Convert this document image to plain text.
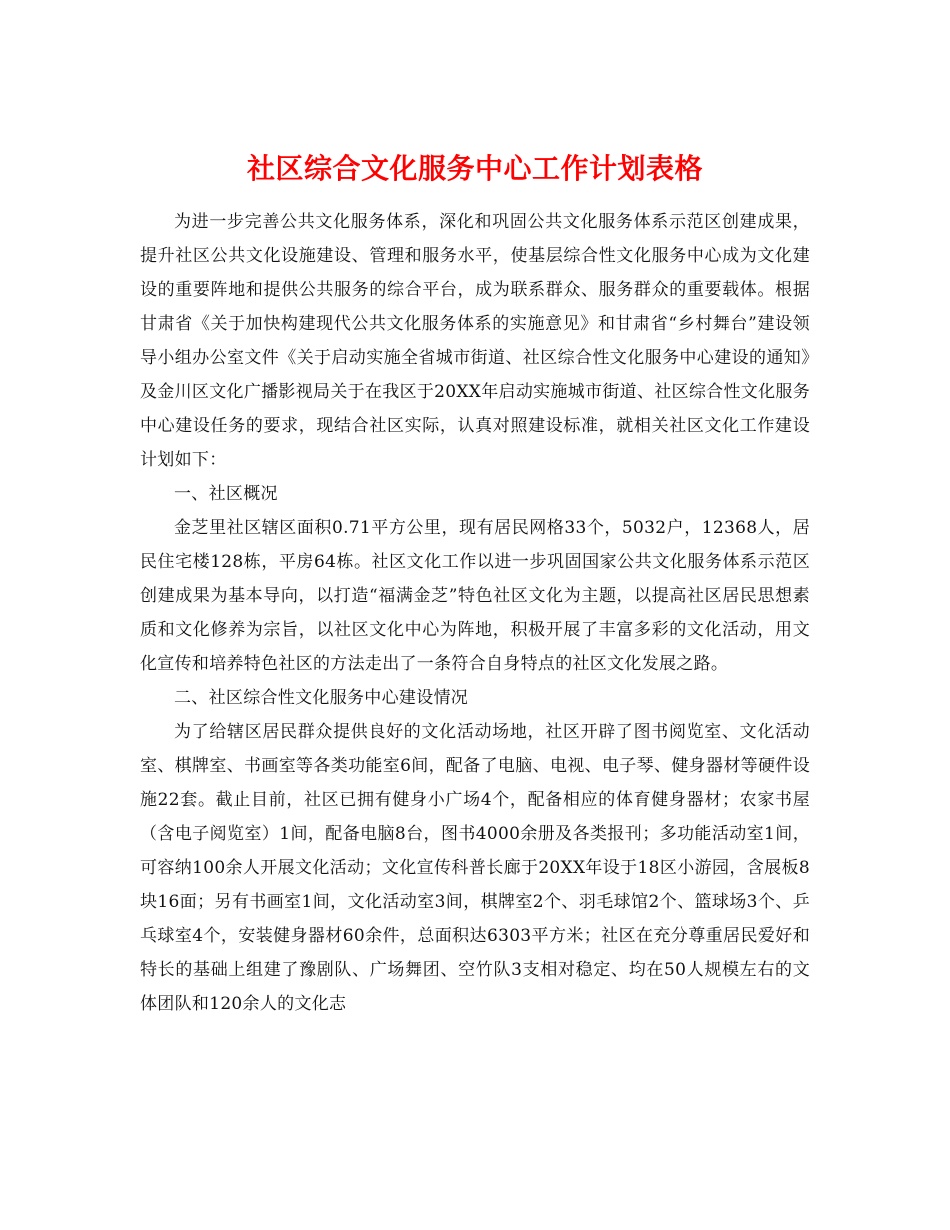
社区综合文化服务中心工作计划表格

为进一步完善公共文化服务体系，深化和巩固公共文化服务体系示范区创建成果，提升社区公共文化设施建设、管理和服务水平，使基层综合性文化服务中心成为文化建设的重要阵地和提供公共服务的综合平台，成为联系群众、服务群众的重要载体。根据甘肃省《关于加快构建现代公共文化服务体系的实施意见》和甘肃省“乡村舞台”建设领导小组办公室文件《关于启动实施全省城市街道、社区综合性文化服务中心建设的通知》及金川区文化广播影视局关于在我区于20XX年启动实施城市街道、社区综合性文化服务中心建设任务的要求，现结合社区实际，认真对照建设标准，就相关社区文化工作建设计划如下：

一、社区概况

金芝里社区辖区面积0.71平方公里，现有居民网格33个，5032户，12368人，居民住宅楼128栋，平房64栋。社区文化工作以进一步巩固国家公共文化服务体系示范区创建成果为基本导向，以打造“福满金芝”特色社区文化为主题，以提高社区居民思想素质和文化修养为宗旨，以社区文化中心为阵地，积极开展了丰富多彩的文化活动，用文化宣传和培养特色社区的方法走出了一条符合自身特点的社区文化发展之路。

二、社区综合性文化服务中心建设情况

为了给辖区居民群众提供良好的文化活动场地，社区开辟了图书阅览室、文化活动室、棋牌室、书画室等各类功能室6间，配备了电脑、电视、电子琴、健身器材等硬件设施22套。截止目前，社区已拥有健身小广场4个，配备相应的体育健身器材；农家书屋（含电子阅览室）1间，配备电脑8台，图书4000余册及各类报刊；多功能活动室1间，可容纳100余人开展文化活动；文化宣传科普长廊于20XX年设于18区小游园，含展板8块16面；另有书画室1间，文化活动室3间，棋牌室2个、羽毛球馆2个、篮球场3个、乒乓球室4个，安装健身器材60余件，总面积达6303平方米；社区在充分尊重居民爱好和特长的基础上组建了豫剧队、广场舞团、空竹队3支相对稳定、均在50人规模左右的文体团队和120余人的文化志
